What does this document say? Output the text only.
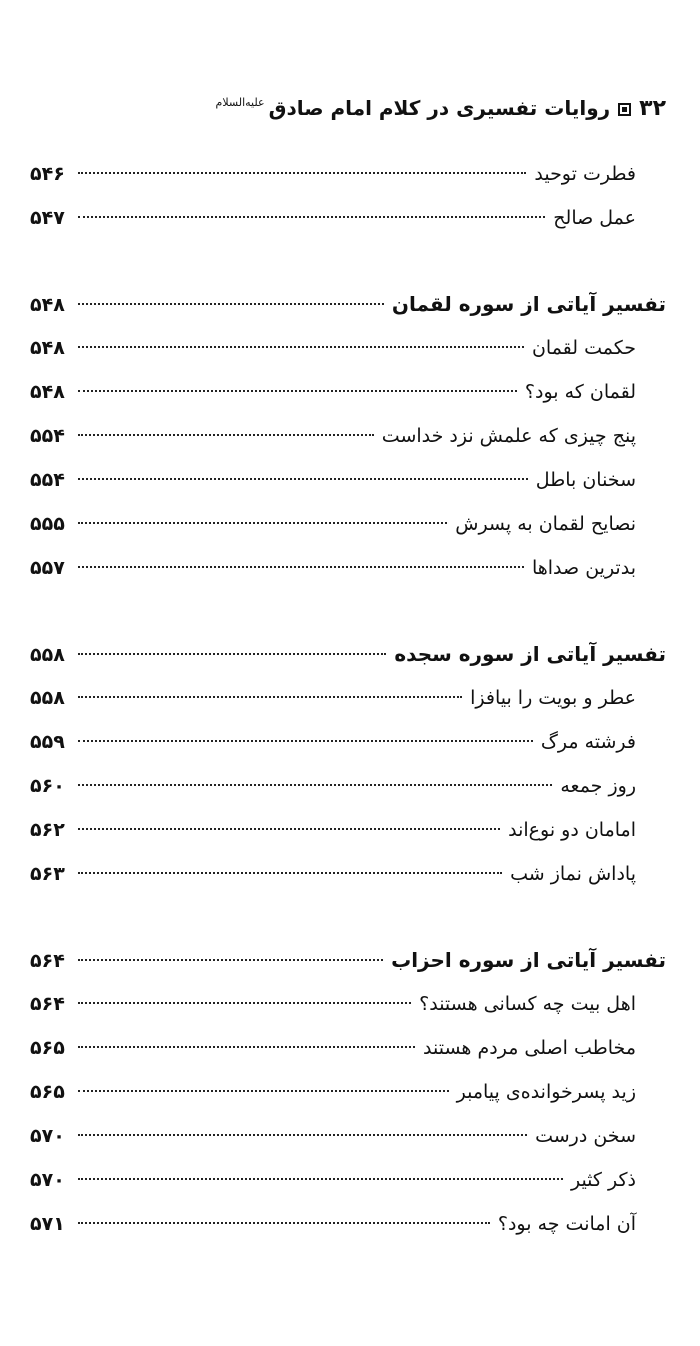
۳۲
روایات تفسیری در کلام امام صادق
علیه‌السلام
فطرت توحید
۵۴۶
عمل صالح
۵۴۷
تفسیر آیاتی از سوره لقمان
۵۴۸
حکمت لقمان
۵۴۸
لقمان که بود؟
۵۴۸
پنج چیزی که علمش نزد خداست
۵۵۴
سخنان باطل
۵۵۴
نصایح لقمان به پسرش
۵۵۵
بدترین صداها
۵۵۷
تفسیر آیاتی از سوره سجده
۵۵۸
عطر و بویت را بیافزا
۵۵۸
فرشته مرگ
۵۵۹
روز جمعه
۵۶۰
امامان دو نوع‌اند
۵۶۲
پاداش نماز شب
۵۶۳
تفسیر آیاتی از سوره احزاب
۵۶۴
اهل بیت چه کسانی هستند؟
۵۶۴
مخاطب اصلی مردم هستند
۵۶۵
زید پسرخوانده‌ی پیامبر
۵۶۵
سخن درست
۵۷۰
ذکر کثیر
۵۷۰
آن امانت چه بود؟
۵۷۱
